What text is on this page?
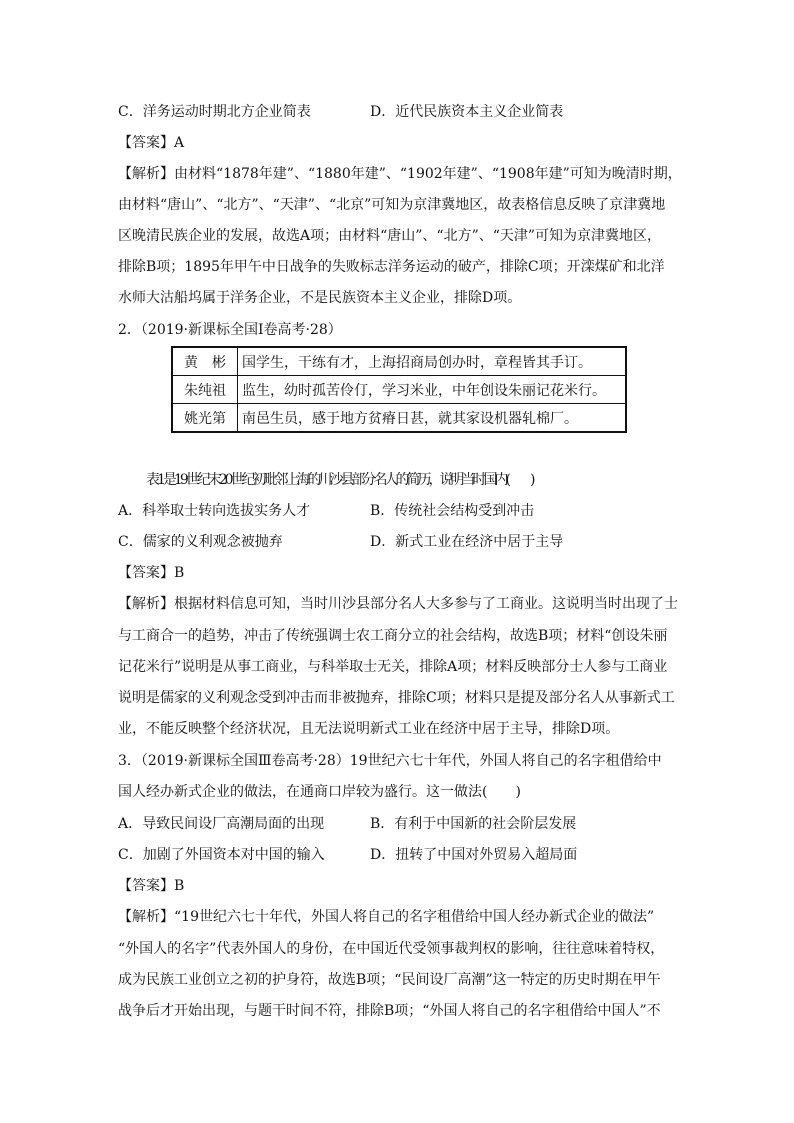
C．洋务运动时期北方企业简表	D．近代民族资本主义企业简表
【答案】A
【解析】由材料“1878年建”、“1880年建”、“1902年建”、“1908年建”可知为晚清时期，
由材料“唐山”、“北方”、“天津”、“北京”可知为京津冀地区，故表格信息反映了京津冀地
区晚清民族企业的发展，故选A项；由材料“唐山”、“北方”、“天津”可知为京津冀地区，
排除B项；1895年甲午中日战争的失败标志洋务运动的破产，排除C项；开滦煤矿和北洋
水师大沽船坞属于洋务企业，不是民族资本主义企业，排除D项。
2．（2019·新课标全国Ⅰ卷高考·28）
黄　彬	国学生，干练有才，上海招商局创办时，章程皆其手订。
朱纯祖	监生，幼时孤苦伶仃，学习米业，中年创设朱丽记花米行。
姚光第	南邑生员，感于地方贫瘠日甚，就其家设机器轧棉厂。
表1是19世纪末20世纪初毗邻上海的川沙县部分名人的简历，说明当时国内(　　)
A．科举取士转向选拔实务人才	B．传统社会结构受到冲击
C．儒家的义利观念被抛弃	D．新式工业在经济中居于主导
【答案】B
【解析】根据材料信息可知，当时川沙县部分名人大多参与了工商业。这说明当时出现了士
与工商合一的趋势，冲击了传统强调士农工商分立的社会结构，故选B项；材料“创设朱丽
记花米行”说明是从事工商业，与科举取士无关，排除A项；材料反映部分士人参与工商业
说明是儒家的义利观念受到冲击而非被抛弃，排除C项；材料只是提及部分名人从事新式工
业，不能反映整个经济状况，且无法说明新式工业在经济中居于主导，排除D项。
3．（2019·新课标全国Ⅲ卷高考·28）19世纪六七十年代，外国人将自己的名字租借给中
国人经办新式企业的做法，在通商口岸较为盛行。这一做法(　　)
A．导致民间设厂高潮局面的出现	B．有利于中国新的社会阶层发展
C．加剧了外国资本对中国的输入	D．扭转了中国对外贸易入超局面
【答案】B
【解析】“19世纪六七十年代，外国人将自己的名字租借给中国人经办新式企业的做法”
“外国人的名字”代表外国人的身份，在中国近代受领事裁判权的影响，往往意味着特权，
成为民族工业创立之初的护身符，故选B项；“民间设厂高潮”这一特定的历史时期在甲午
战争后才开始出现，与题干时间不符，排除B项；“外国人将自己的名字租借给中国人”不
